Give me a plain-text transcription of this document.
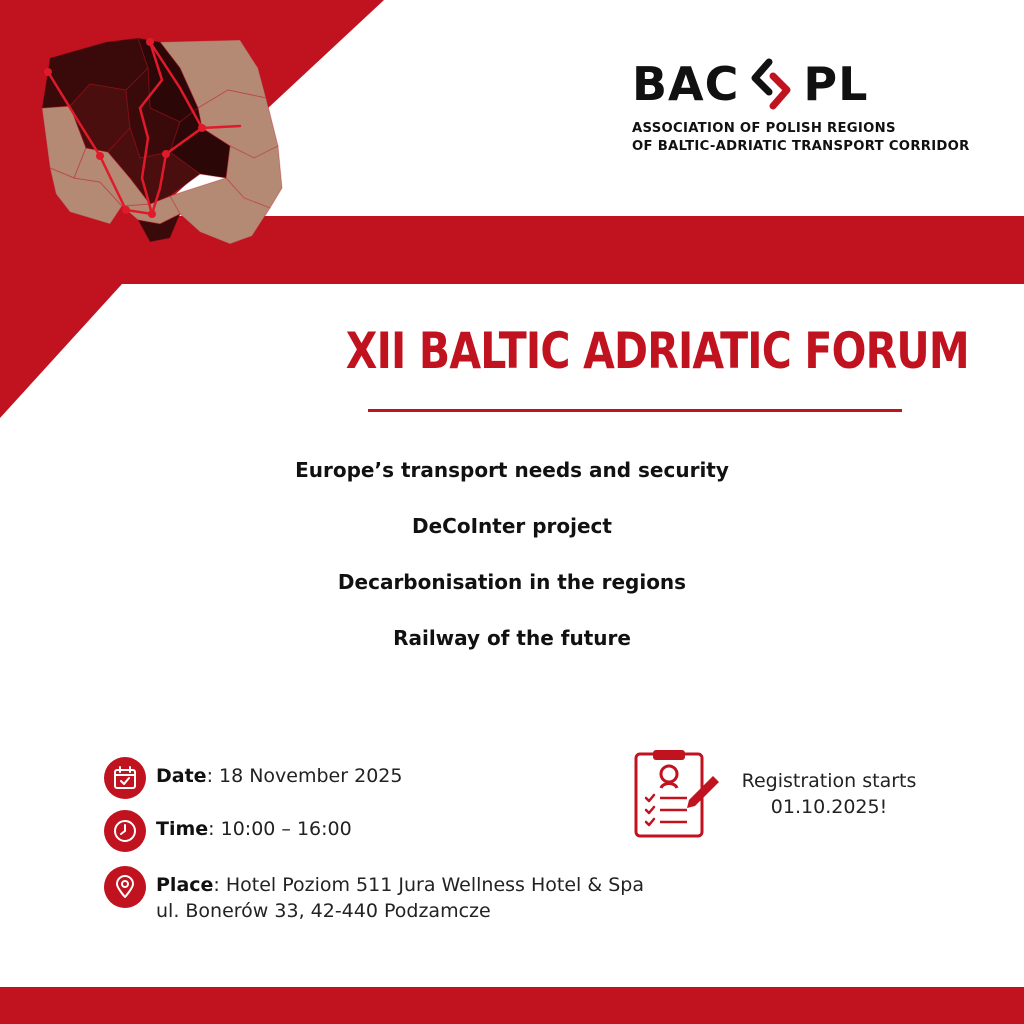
BAC PL
ASSOCIATION OF POLISH REGIONS
OF BALTIC-ADRIATIC TRANSPORT CORRIDOR
XII BALTIC ADRIATIC FORUM
Europe’s transport needs and security
DeCoInter project
Decarbonisation in the regions
Railway of the future
Date: 18 November 2025
Time: 10:00 – 16:00
Place: Hotel Poziom 511 Jura Wellness Hotel & Spa
ul. Bonerów 33, 42-440 Podzamcze
Registration starts
01.10.2025!
